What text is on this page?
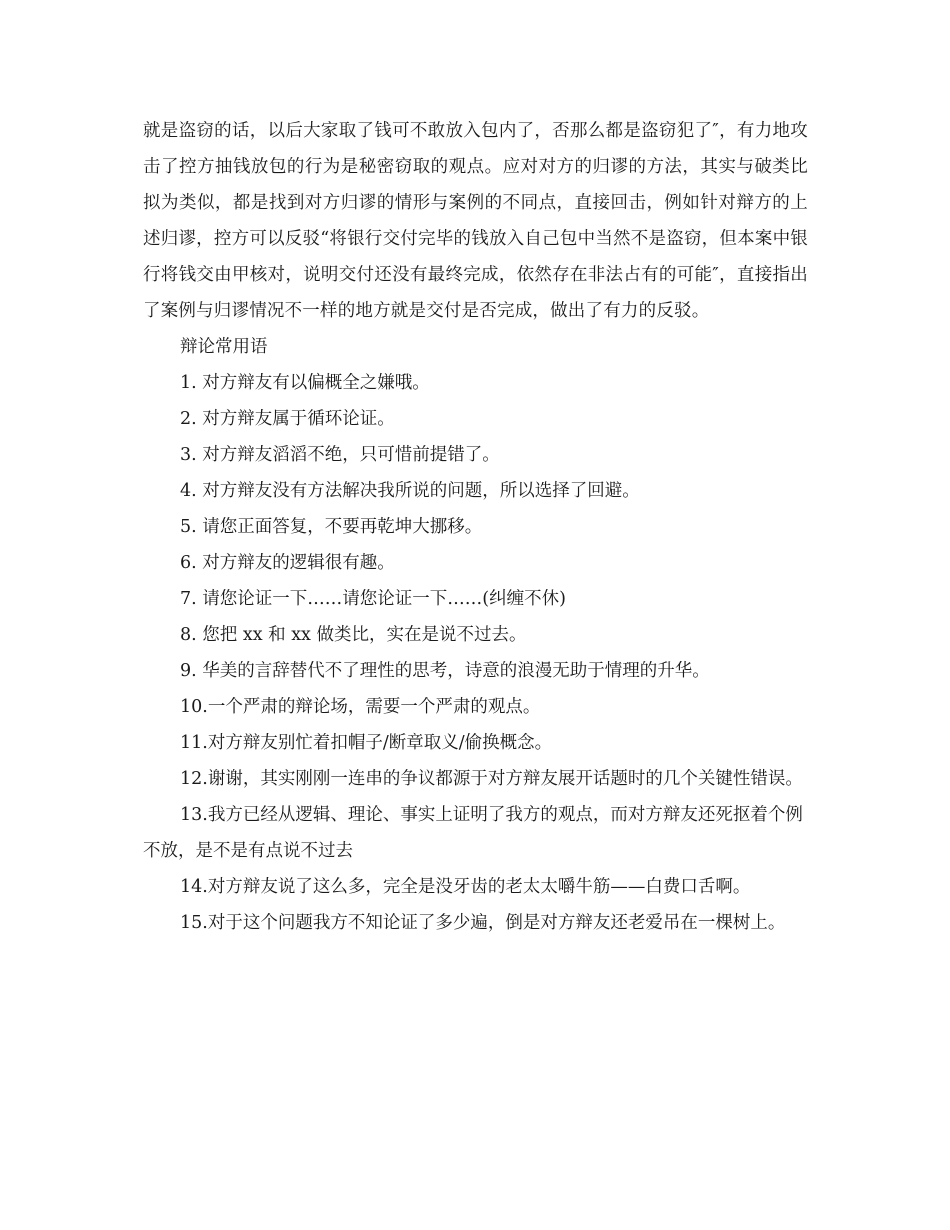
就是盗窃的话，以后大家取了钱可不敢放入包内了，否那么都是盗窃犯了″，有力地攻击了控方抽钱放包的行为是秘密窃取的观点。应对对方的归谬的方法，其实与破类比拟为类似，都是找到对方归谬的情形与案例的不同点，直接回击，例如针对辩方的上述归谬，控方可以反驳“将银行交付完毕的钱放入自己包中当然不是盗窃，但本案中银行将钱交由甲核对，说明交付还没有最终完成，依然存在非法占有的可能″，直接指出了案例与归谬情况不一样的地方就是交付是否完成，做出了有力的反驳。

辩论常用语

1. 对方辩友有以偏概全之嫌哦。

2. 对方辩友属于循环论证。

3. 对方辩友滔滔不绝，只可惜前提错了。

4. 对方辩友没有方法解决我所说的问题，所以选择了回避。

5. 请您正面答复，不要再乾坤大挪移。

6. 对方辩友的逻辑很有趣。

7. 请您论证一下……请您论证一下……(纠缠不休)

8. 您把 xx 和 xx 做类比，实在是说不过去。

9. 华美的言辞替代不了理性的思考，诗意的浪漫无助于情理的升华。

10.一个严肃的辩论场，需要一个严肃的观点。

11.对方辩友别忙着扣帽子/断章取义/偷换概念。

12.谢谢，其实刚刚一连串的争议都源于对方辩友展开话题时的几个关键性错误。

13.我方已经从逻辑、理论、事实上证明了我方的观点，而对方辩友还死抠着个例不放，是不是有点说不过去

14.对方辩友说了这么多，完全是没牙齿的老太太嚼牛筋——白费口舌啊。

15.对于这个问题我方不知论证了多少遍，倒是对方辩友还老爱吊在一棵树上。
